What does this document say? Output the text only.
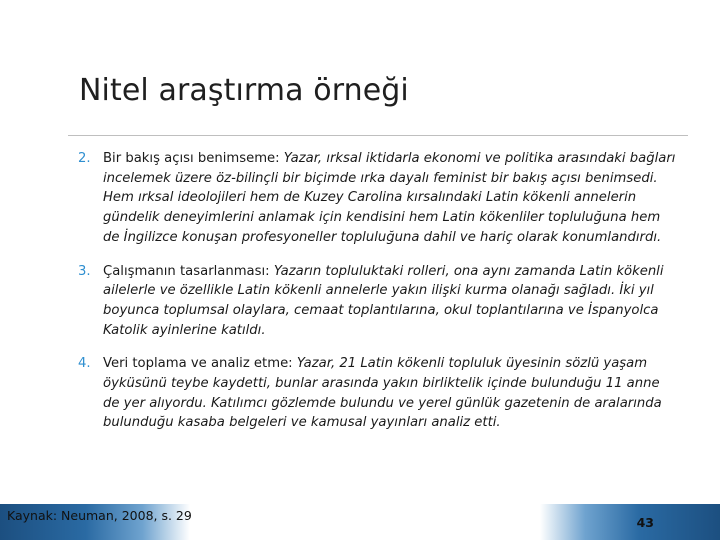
Nitel araştırma örneği
2. Bir bakış açısı benimseme: Yazar, ırksal iktidarla ekonomi ve politika arasındaki bağları incelemek üzere öz-bilinçli bir biçimde ırka dayalı feminist bir bakış açısı benimsedi. Hem ırksal ideolojileri hem de Kuzey Carolina kırsalındaki Latin kökenli annelerin gündelik deneyimlerini anlamak için kendisini hem Latin kökenliler topluluğuna hem de İngilizce konuşan profesyoneller topluluğuna dahil ve hariç olarak konumlandırdı.
3. Çalışmanın tasarlanması: Yazarın topluluktaki rolleri, ona aynı zamanda Latin kökenli ailelerle ve özellikle Latin kökenli annelerle yakın ilişki kurma olanağı sağladı. İki yıl boyunca toplumsal olaylara, cemaat toplantılarına, okul toplantılarına ve İspanyolca Katolik ayinlerine katıldı.
4. Veri toplama ve analiz etme: Yazar, 21 Latin kökenli topluluk üyesinin sözlü yaşam öyküsünü teybe kaydetti, bunlar arasında yakın birliktelik içinde bulunduğu 11 anne de yer alıyordu. Katılımcı gözlemde bulundu ve yerel günlük gazetenin de aralarında bulunduğu kasaba belgeleri ve kamusal yayınları analiz etti.
Kaynak: Neuman, 2008, s. 29	43
